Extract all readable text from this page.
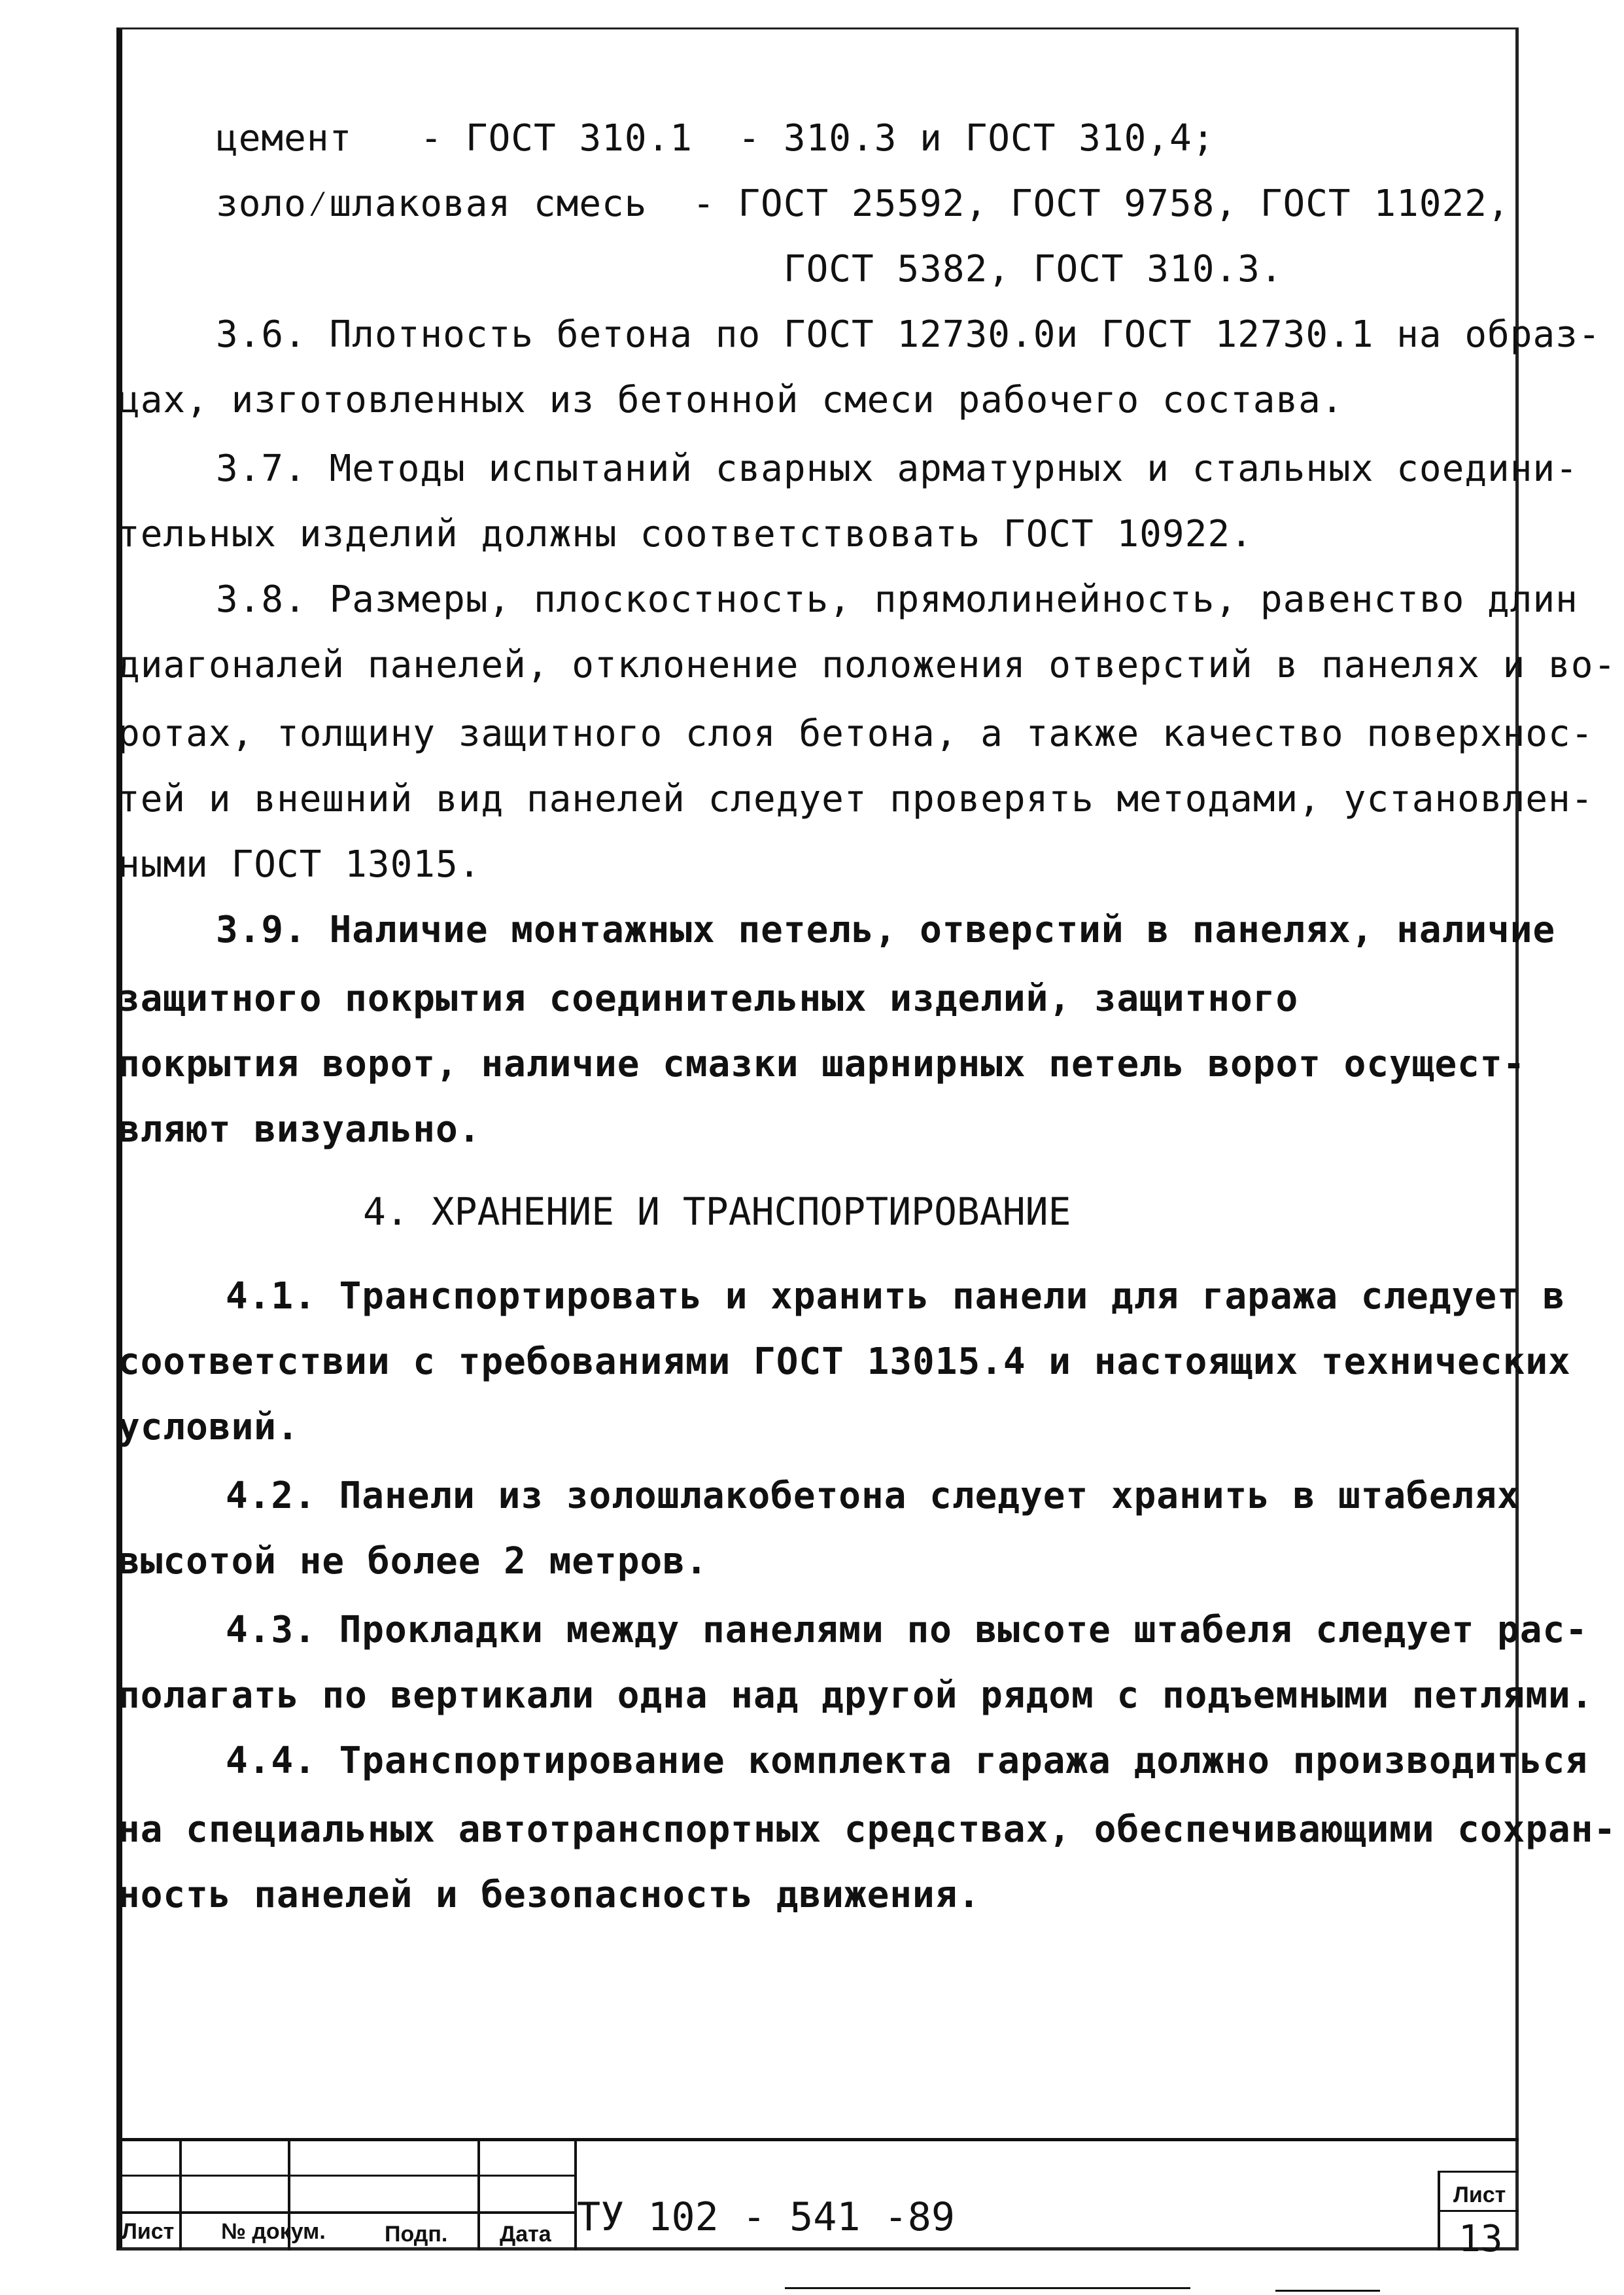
цемент   - ГОСТ 310.1  - 310.3 и ГОСТ 310,4;
золо⁄шлаковая смесь  - ГОСТ 25592, ГОСТ 9758, ГОСТ 11022,
ГОСТ 5382, ГОСТ 310.3.
3.6. Плотность бетона по ГОСТ 12730.0и ГОСТ 12730.1 на образ-
цах, изготовленных из бетонной смеси рабочего состава.
3.7. Методы испытаний сварных арматурных и стальных соедини-
тельных изделий должны соответствовать ГОСТ 10922.
3.8. Размеры, плоскостность, прямолинейность, равенство длин
диагоналей панелей, отклонение положения отверстий в панелях и во-
ротах, толщину защитного слоя бетона, а также качество поверхнос-
тей и внешний вид панелей следует проверять методами, установлен-
ными ГОСТ 13015.
3.9. Наличие монтажных петель, отверстий в панелях, наличие
защитного покрытия соединительных изделий, защитного
покрытия ворот, наличие смазки шарнирных петель ворот осущест-
вляют визуально.
4. ХРАНЕНИЕ И ТРАНСПОРТИРОВАНИЕ
4.1. Транспортировать и хранить панели для гаража следует в
соответствии с требованиями ГОСТ 13015.4 и настоящих технических
условий.
4.2. Панели из золошлакобетона следует хранить в штабелях
высотой не более 2 метров.
4.3. Прокладки между панелями по высоте штабеля следует рас-
полагать по вертикали одна над другой рядом с подъемными петлями.
4.4. Транспортирование комплекта гаража должно производиться
на специальных автотранспортных средствах, обеспечивающими сохран-
ность панелей и безопасность движения.
Лист № докум.	Подп. Дата ТУ 102 - 541 -89	Лист
13
